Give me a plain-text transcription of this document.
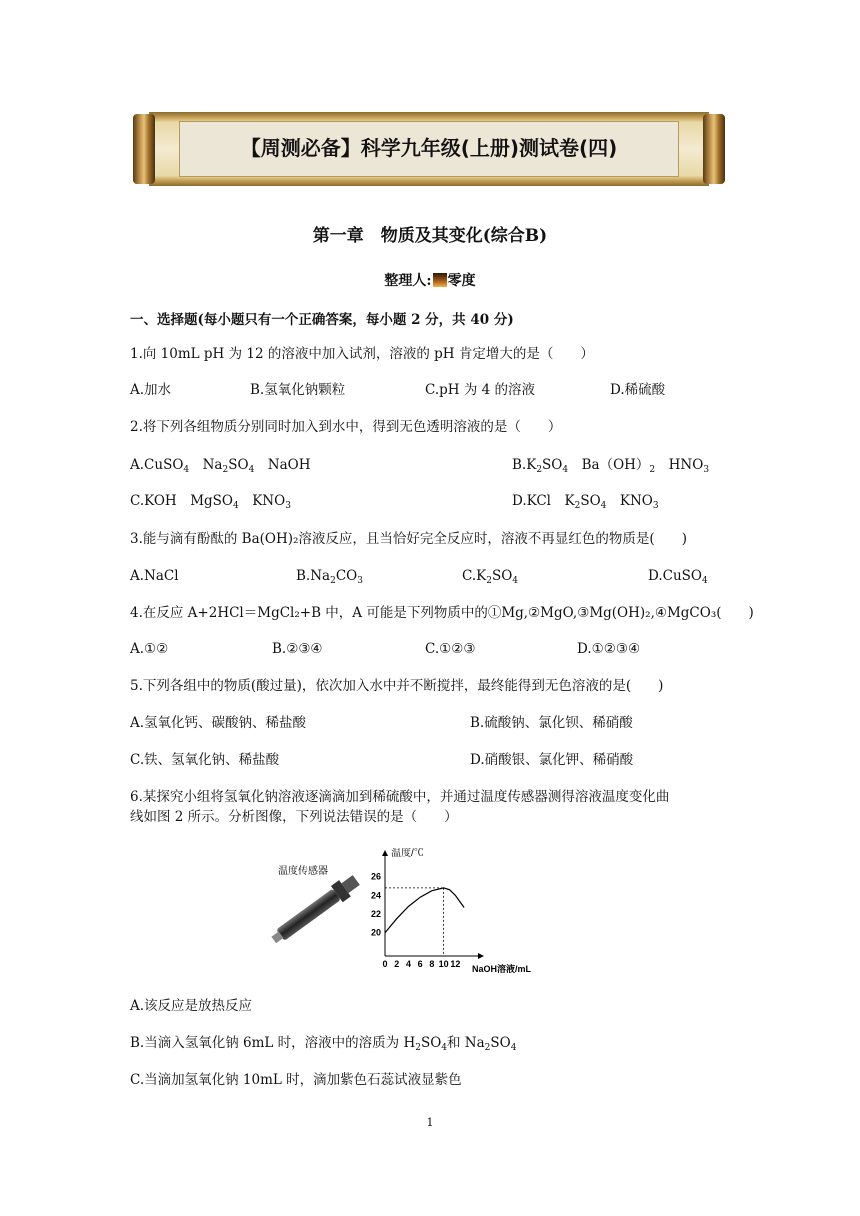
【周测必备】科学九年级(上册)测试卷(四)
第一章　物质及其变化(综合B)
整理人: 零度
一、选择题(每小题只有一个正确答案，每小题 2 分，共 40 分)
1.向 10mL pH 为 12 的溶液中加入试剂，溶液的 pH 肯定增大的是（　　）
A.加水	B.氢氧化钠颗粒	C.pH 为 4 的溶液	D.稀硫酸
2.将下列各组物质分别同时加入到水中，得到无色透明溶液的是（　　）
A.CuSO$_4$　$Na_2SO_4$　NaOH	$B.K_2SO_4$　$Ba(OH)_2$　$HNO_3$
C.KOH　MgSO$_4$　$KNO_3$	D.KCl　$K_2SO_4$　$KNO_3$
3.能与滴有酚酞的 Ba(OH)₂溶液反应，且当恰好完全反应时，溶液不再显红色的物质是(　　)
A.NaCl	$B.Na_2CO_3$	$C.K_2SO_4$	D.CuSO$_4$
4.在反应 A+2HCl＝MgCl₂+B 中，A 可能是下列物质中的①Mg,②MgO,③Mg(OH)₂,④MgCO₃(　　)
A.①②	B.②③④	C.①②③	D.①②③④
5.下列各组中的物质(酸过量)，依次加入水中并不断搅拌，最终能得到无色溶液的是(　　)
A.氢氧化钙、碳酸钠、稀盐酸	B.硫酸钠、氯化钡、稀硝酸
C.铁、氢氧化钠、稀盐酸	D.硝酸银、氯化钾、稀硝酸
6.某探究小组将氢氧化钠溶液逐滴滴加到稀硫酸中，并通过温度传感器测得溶液温度变化曲
线如图 2 所示。分析图像，下列说法错误的是（　　）
温度传感器
温度/℃
NaOH溶液/mL
20
22
24
26
0 2 4 6 8 10 12
A.该反应是放热反应
B.当滴入氢氧化钠 6mL 时，溶液中的溶质为 $H_2SO_4$和 $Na_2SO_4$
C.当滴加氢氧化钠 10mL 时，滴加紫色石蕊试液显紫色
1
